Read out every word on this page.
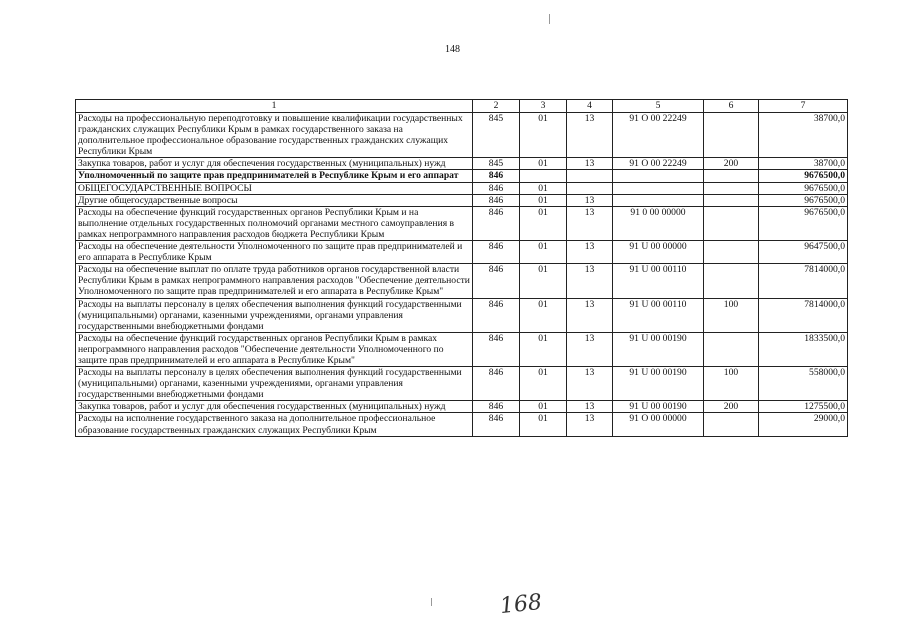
148
1	2	3	4	5	6	7
Расходы на профессиональную переподготовку и повышение квалификации государственных гражданских служащих Республики Крым в рамках государственного заказа на дополнительное профессиональное образование государственных гражданских служащих Республики Крым	845	01	13	91 О 00 22249		38700,0
Закупка товаров, работ и услуг для обеспечения государственных (муниципальных) нужд	845	01	13	91 О 00 22249	200	38700,0
Уполномоченный по защите прав предпринимателей в Республике Крым и его аппарат	846					9676500,0
ОБЩЕГОСУДАРСТВЕННЫЕ ВОПРОСЫ	846	01				9676500,0
Другие общегосударственные вопросы	846	01	13			9676500,0
Расходы на обеспечение функций государственных органов Республики Крым и на выполнение отдельных государственных полномочий органами местного самоуправления в рамках непрограммного направления расходов бюджета Республики Крым	846	01	13	91 0 00 00000		9676500,0
Расходы на обеспечение деятельности Уполномоченного по защите прав предпринимателей и его аппарата в Республике Крым	846	01	13	91 U 00 00000		9647500,0
Расходы на обеспечение выплат по оплате труда работников органов государственной власти Республики Крым в рамках непрограммного направления расходов "Обеспечение деятельности Уполномоченного по защите прав предпринимателей и его аппарата в Республике Крым"	846	01	13	91 U 00 00110		7814000,0
Расходы на выплаты персоналу в целях обеспечения выполнения функций государственными (муниципальными) органами, казенными учреждениями, органами управления государственными внебюджетными фондами	846	01	13	91 U 00 00110	100	7814000,0
Расходы на обеспечение функций государственных органов Республики Крым в рамках непрограммного направления расходов "Обеспечение деятельности Уполномоченного по защите прав предпринимателей и его аппарата в Республике Крым"	846	01	13	91 U 00 00190		1833500,0
Расходы на выплаты персоналу в целях обеспечения выполнения функций государственными (муниципальными) органами, казенными учреждениями, органами управления государственными внебюджетными фондами	846	01	13	91 U 00 00190	100	558000,0
Закупка товаров, работ и услуг для обеспечения государственных (муниципальных) нужд	846	01	13	91 U 00 00190	200	1275500,0
Расходы на исполнение государственного заказа на дополнительное профессиональное образование государственных гражданских служащих Республики Крым	846	01	13	91 О 00 00000		29000,0
168
